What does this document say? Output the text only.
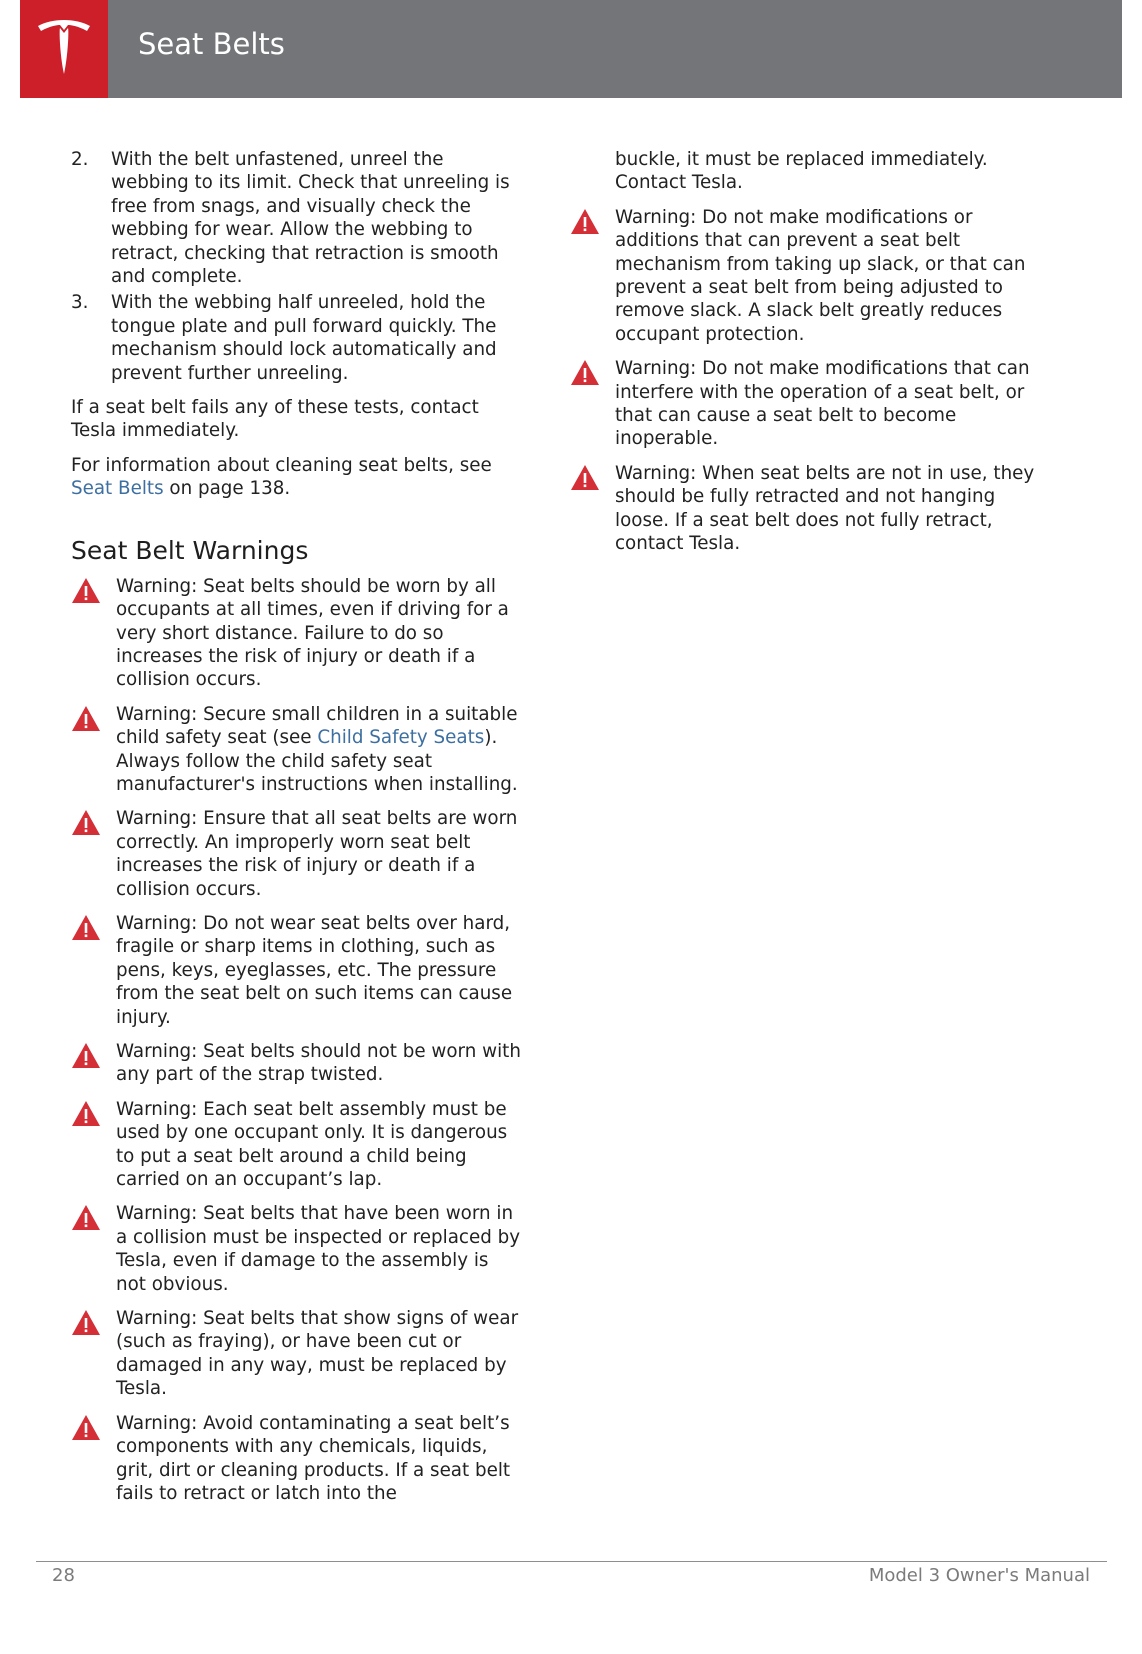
Seat Belts
2. With the belt unfastened, unreel the webbing to its limit. Check that unreeling is free from snags, and visually check the webbing for wear. Allow the webbing to retract, checking that retraction is smooth and complete.
3. With the webbing half unreeled, hold the tongue plate and pull forward quickly. The mechanism should lock automatically and prevent further unreeling.

If a seat belt fails any of these tests, contact Tesla immediately.

For information about cleaning seat belts, see Seat Belts on page 138.

Seat Belt Warnings

Warning: Seat belts should be worn by all occupants at all times, even if driving for a very short distance. Failure to do so increases the risk of injury or death if a collision occurs.

Warning: Secure small children in a suitable child safety seat (see Child Safety Seats). Always follow the child safety seat manufacturer's instructions when installing.

Warning: Ensure that all seat belts are worn correctly. An improperly worn seat belt increases the risk of injury or death if a collision occurs.

Warning: Do not wear seat belts over hard, fragile or sharp items in clothing, such as pens, keys, eyeglasses, etc. The pressure from the seat belt on such items can cause injury.

Warning: Seat belts should not be worn with any part of the strap twisted.

Warning: Each seat belt assembly must be used by one occupant only. It is dangerous to put a seat belt around a child being carried on an occupant’s lap.

Warning: Seat belts that have been worn in a collision must be inspected or replaced by Tesla, even if damage to the assembly is not obvious.

Warning: Seat belts that show signs of wear (such as fraying), or have been cut or damaged in any way, must be replaced by Tesla.

Warning: Avoid contaminating a seat belt’s components with any chemicals, liquids, grit, dirt or cleaning products. If a seat belt fails to retract or latch into the

buckle, it must be replaced immediately. Contact Tesla.

Warning: Do not make modifications or additions that can prevent a seat belt mechanism from taking up slack, or that can prevent a seat belt from being adjusted to remove slack. A slack belt greatly reduces occupant protection.

Warning: Do not make modifications that can interfere with the operation of a seat belt, or that can cause a seat belt to become inoperable.

Warning: When seat belts are not in use, they should be fully retracted and not hanging loose. If a seat belt does not fully retract, contact Tesla.

28	Model 3 Owner's Manual
